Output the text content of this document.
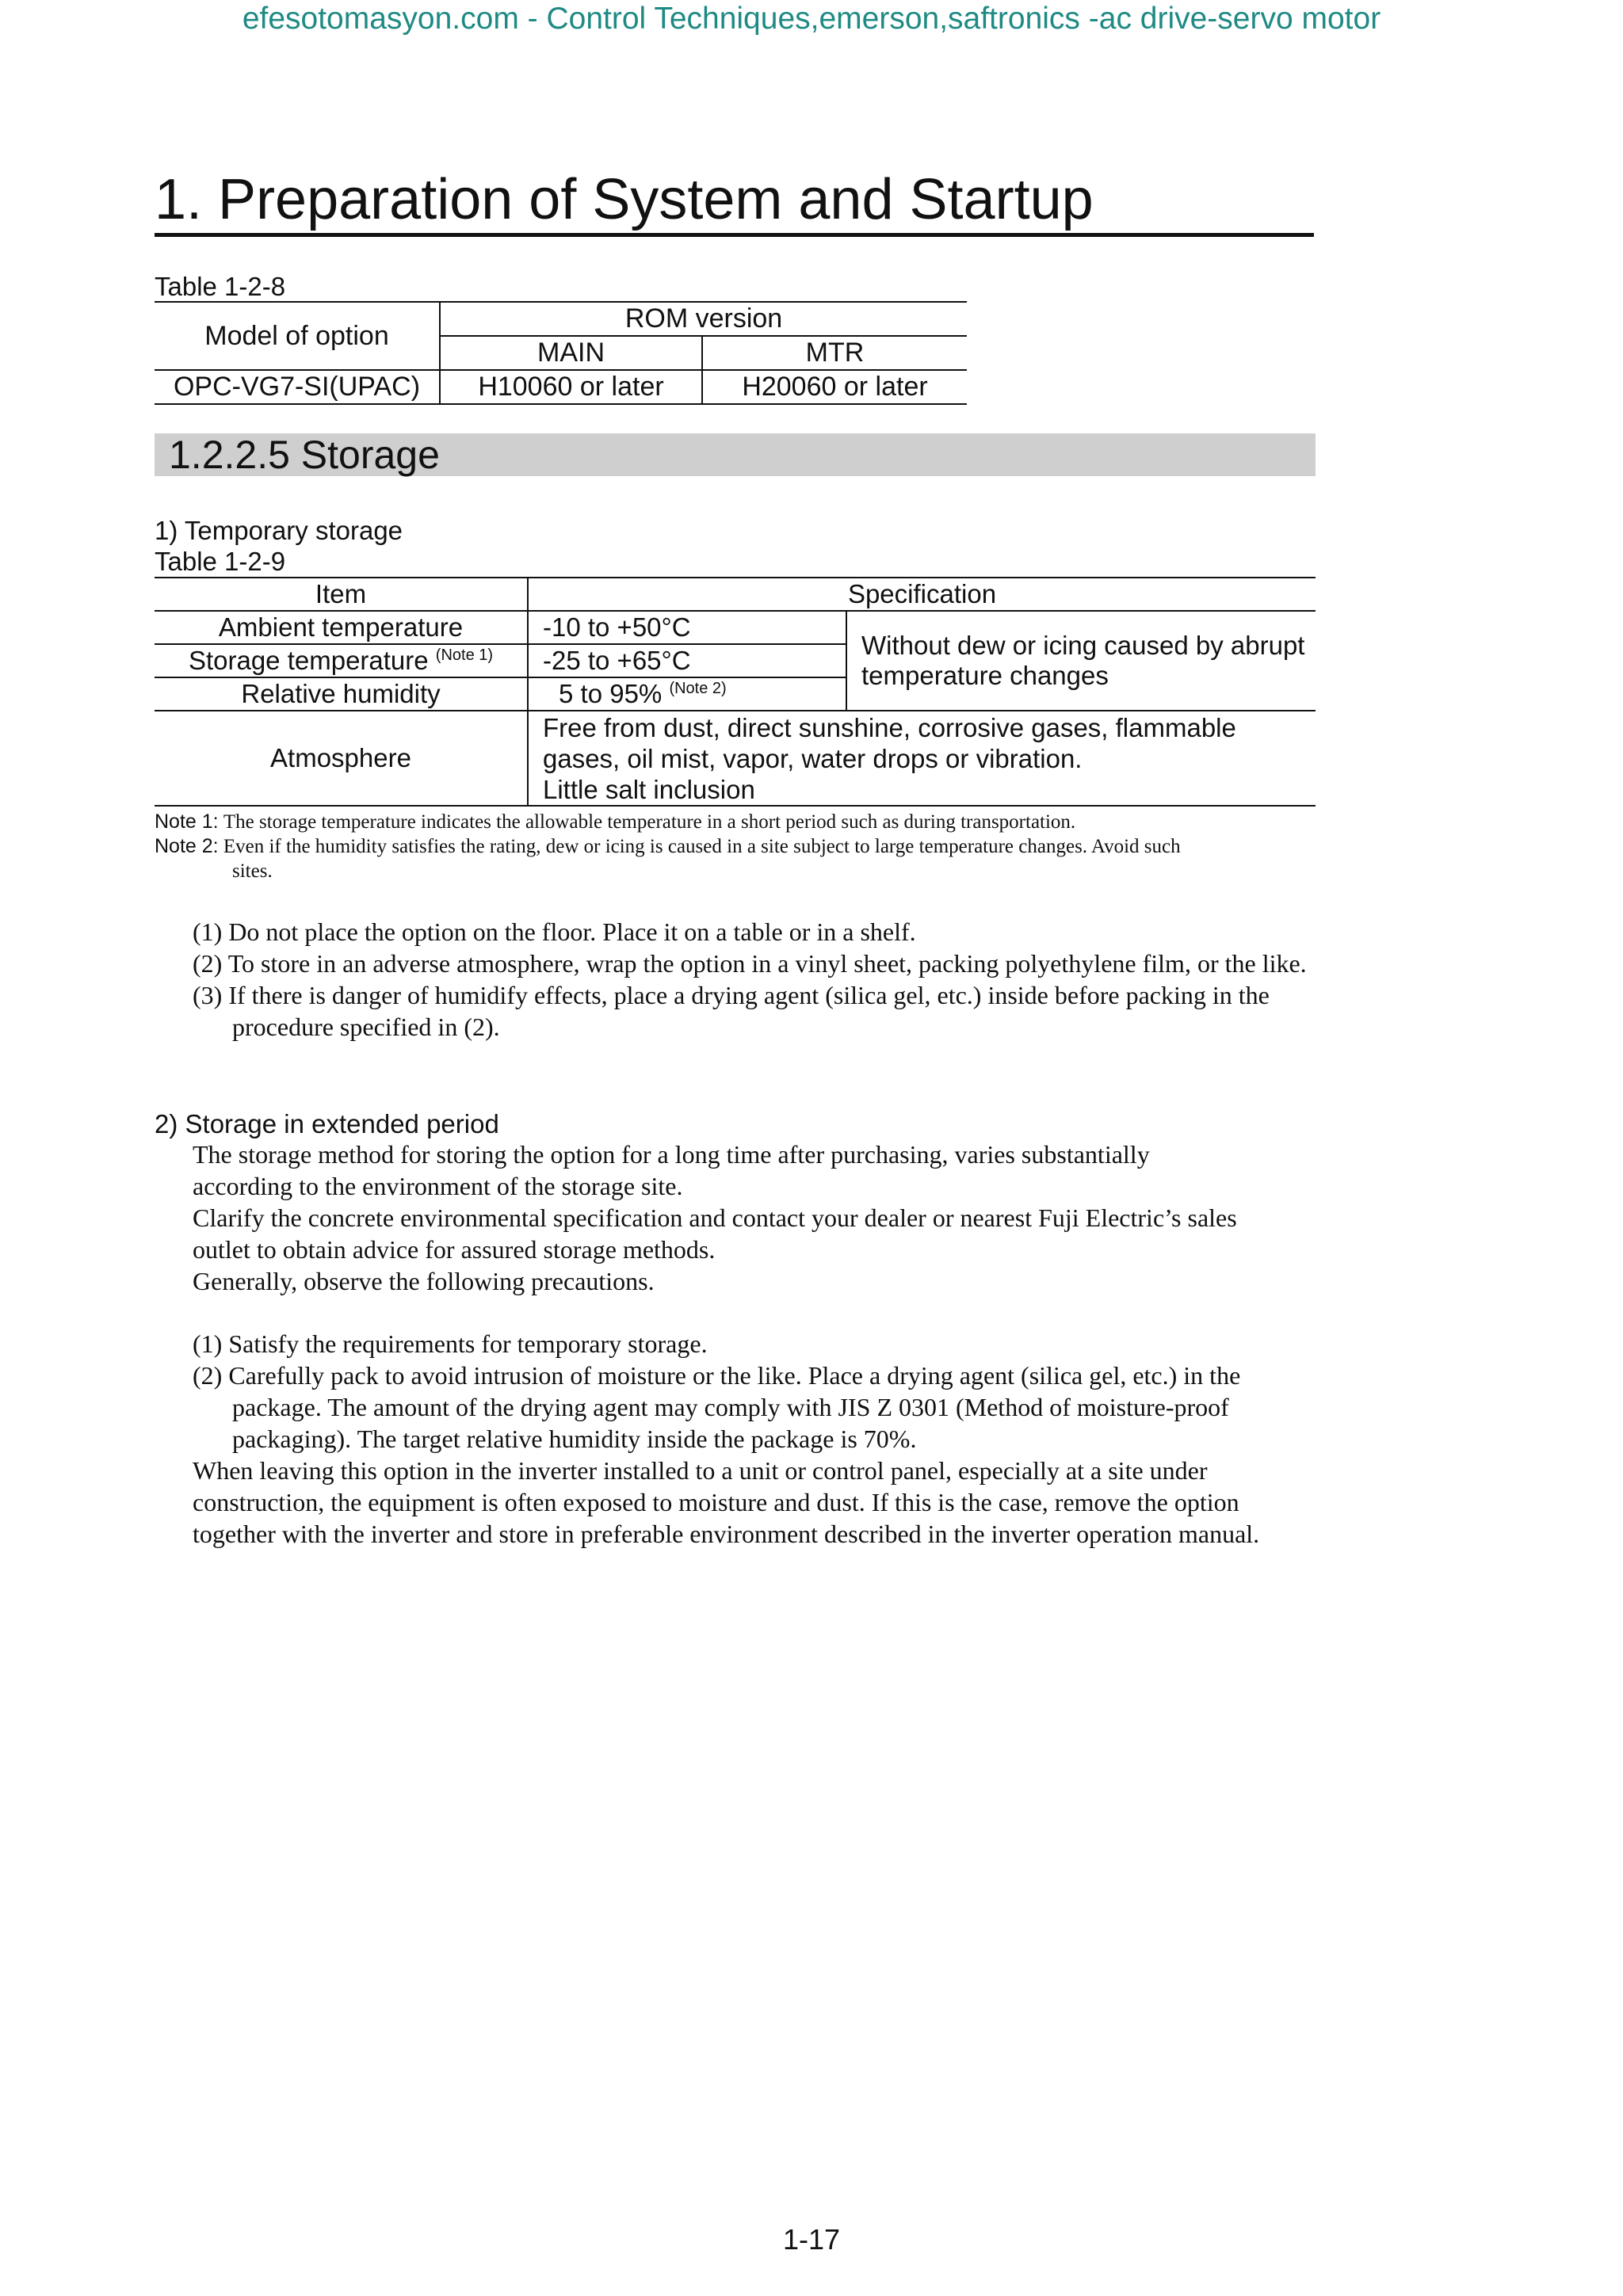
efesotomasyon.com - Control Techniques,emerson,saftronics -ac drive-servo motor
1. Preparation of System and Startup
Table 1-2-8
Model of option	ROM version	
	MAIN	MTR
OPC-VG7-SI(UPAC)	H10060 or later	H20060 or later
1.2.2.5 Storage
1) Temporary storage
Table 1-2-9
Item	Specification	
Ambient temperature	-10 to +50°C	Without dew or icing caused by abrupt temperature changes
Storage temperature $^{(Note 1)}$	-25 to +65°C	
Relative humidity	5 to 95% $^{(Note 2)}$
Atmosphere	Free from dust, direct sunshine, corrosive gases, flammable
gases, oil mist, vapor, water drops or vibration.
Little salt inclusion	
Note 1: The storage temperature indicates the allowable temperature in a short period such as during transportation.
Note 2: Even if the humidity satisfies the rating, dew or icing is caused in a site subject to large temperature changes. Avoid such
sites.
(1) Do not place the option on the floor. Place it on a table or in a shelf.
(2) To store in an adverse atmosphere, wrap the option in a vinyl sheet, packing polyethylene film, or the like.
(3) If there is danger of humidify effects, place a drying agent (silica gel, etc.) inside before packing in the procedure specified in (2).
2) Storage in extended period
The storage method for storing the option for a long time after purchasing, varies substantially according to the environment of the storage site.
Clarify the concrete environmental specification and contact your dealer or nearest Fuji Electric’s sales outlet to obtain advice for assured storage methods.
Generally, observe the following precautions.
(1) Satisfy the requirements for temporary storage.
(2) Carefully pack to avoid intrusion of moisture or the like. Place a drying agent (silica gel, etc.) in the package. The amount of the drying agent may comply with JIS Z 0301 (Method of moisture-proof packaging). The target relative humidity inside the package is 70%.
When leaving this option in the inverter installed to a unit or control panel, especially at a site under construction, the equipment is often exposed to moisture and dust. If this is the case, remove the option together with the inverter and store in preferable environment described in the inverter operation manual.
1-17
